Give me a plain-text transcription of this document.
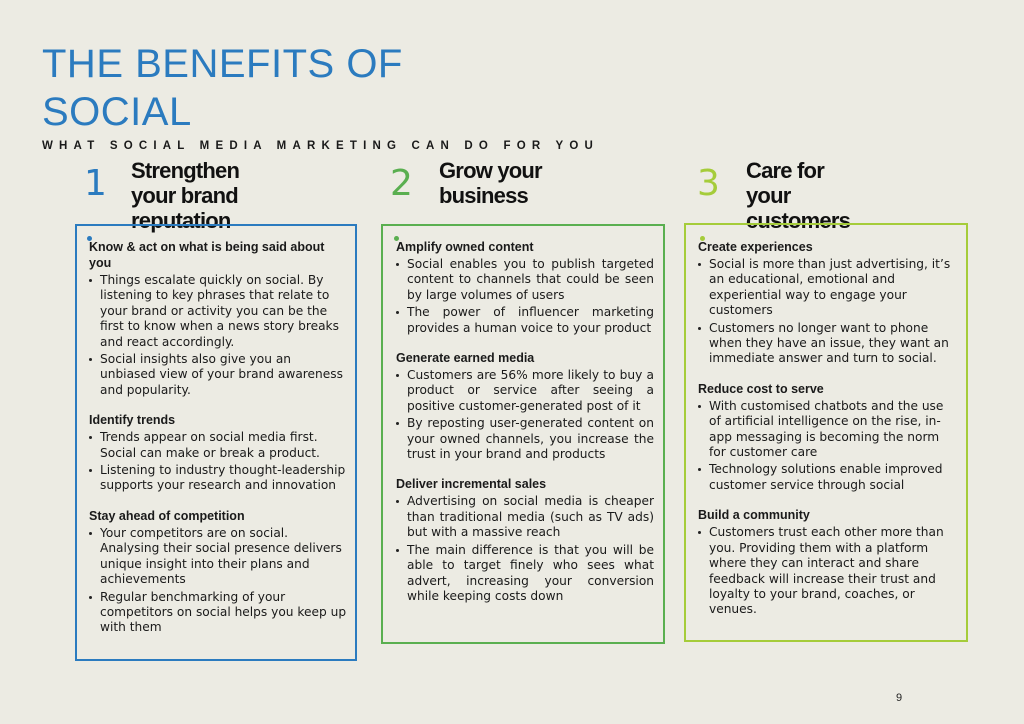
THE BENEFITS OF SOCIAL
WHAT SOCIAL MEDIA MARKETING CAN DO FOR YOU
1 Strengthen your brand reputation
2 Grow your business	3 Care for your customers
Know & act on what is being said about you
Things escalate quickly on social. By listening to key phrases that relate to your brand or activity you can be the first to know when a news story breaks and react accordingly.
Social insights also give you an unbiased view of your brand awareness and popularity.
Identify trends
Trends appear on social media first. Social can make or break a product.
Listening to industry thought-leadership supports your research and innovation
Stay ahead of competition
Your competitors are on social. Analysing their social presence delivers unique insight into their plans and achievements
Regular benchmarking of your competitors on social helps you keep up with them
Amplify owned content
Social enables you to publish targeted content to channels that could be seen by large volumes of users
The power of influencer marketing provides a human voice to your product
Generate earned media
Customers are 56% more likely to buy a product or service after seeing a positive customer-generated post of it
By reposting user-generated content on your owned channels, you increase the trust in your brand and products
Deliver incremental sales
Advertising on social media is cheaper than traditional media (such as TV ads) but with a massive reach
The main difference is that you will be able to target finely who sees what advert, increasing your conversion while keeping costs down
Create experiences
Social is more than just advertising, it’s an educational, emotional and experiential way to engage your customers
Customers no longer want to phone when they have an issue, they want an immediate answer and turn to social.
Reduce cost to serve
With customised chatbots and the use of artificial intelligence on the rise, in-app messaging is becoming the norm for customer care
Technology solutions enable improved customer service through social
Build a community
Customers trust each other more than you. Providing them with a platform where they can interact and share feedback will increase their trust and loyalty to your brand, coaches, or venues.
9
